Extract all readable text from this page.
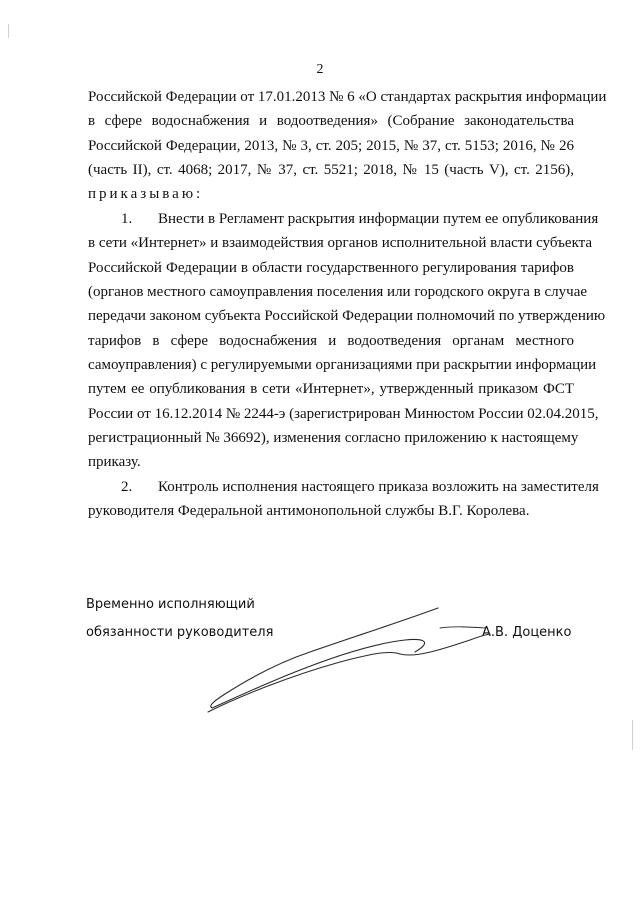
2
Российской Федерации от 17.01.2013 № 6 «О стандартах раскрытия информации
в сфере водоснабжения и водоотведения» (Собрание законодательства
Российской Федерации, 2013, № 3, ст. 205; 2015, № 37, ст. 5153; 2016, № 26
(часть II), ст. 4068; 2017, № 37, ст. 5521; 2018, № 15 (часть V), ст. 2156),
приказываю:
1. Внести в Регламент раскрытия информации путем ее опубликования
в сети «Интернет» и взаимодействия органов исполнительной власти субъекта
Российской Федерации в области государственного регулирования тарифов
(органов местного самоуправления поселения или городского округа в случае
передачи законом субъекта Российской Федерации полномочий по утверждению
тарифов в сфере водоснабжения и водоотведения органам местного
самоуправления) с регулируемыми организациями при раскрытии информации
путем ее опубликования в сети «Интернет», утвержденный приказом ФСТ
России от 16.12.2014 № 2244-э (зарегистрирован Минюстом России 02.04.2015,
регистрационный № 36692), изменения согласно приложению к настоящему
приказу.
2. Контроль исполнения настоящего приказа возложить на заместителя
руководителя Федеральной антимонопольной службы В.Г. Королева.
Временно исполняющий
обязанности руководителя	А.В. Доценко
